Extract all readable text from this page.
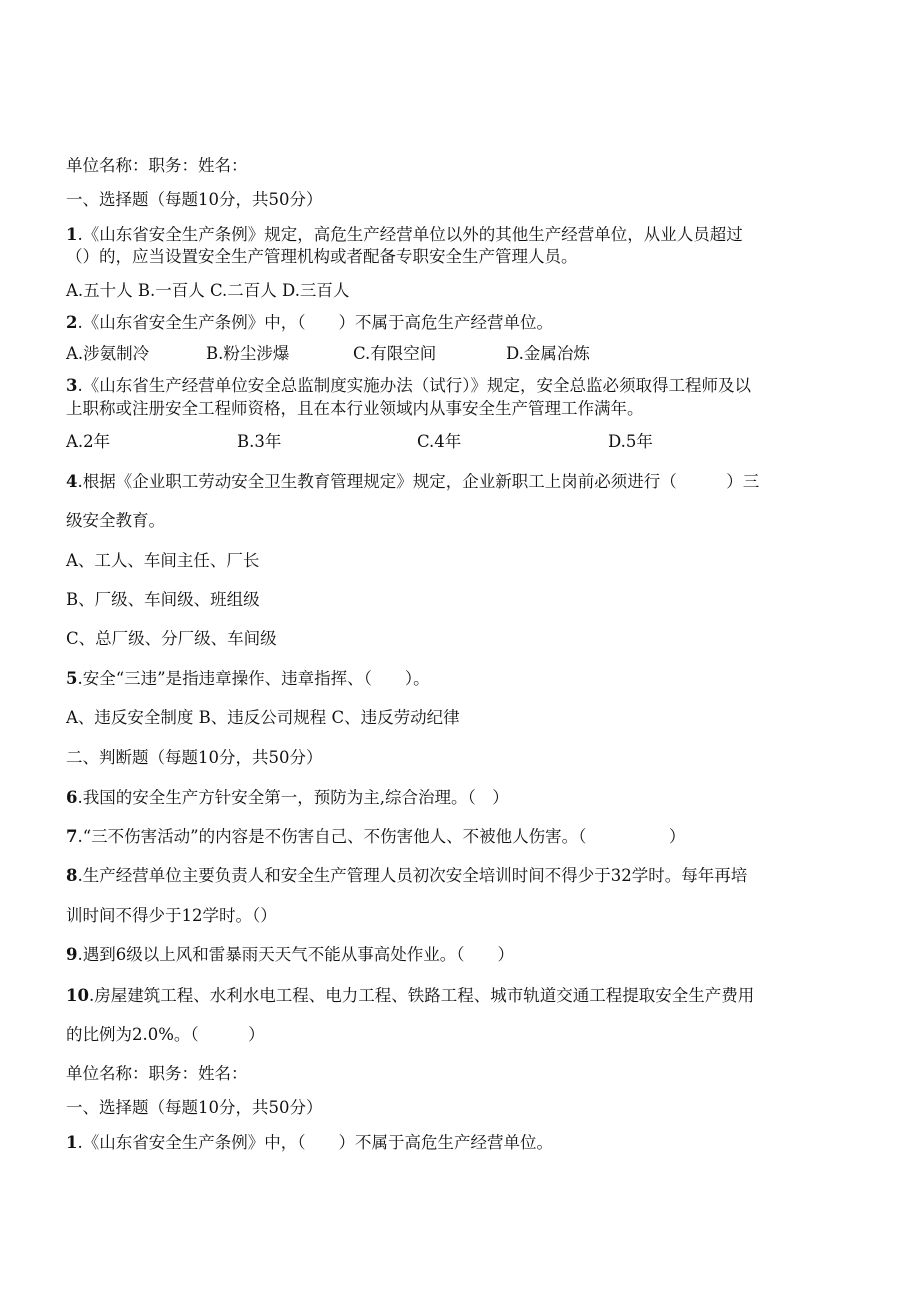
单位名称：职务：姓名：
一、选择题（每题10分，共50分）
1.《山东省安全生产条例》规定，高危生产经营单位以外的其他生产经营单位，从业人员超过
（）的，应当设置安全生产管理机构或者配备专职安全生产管理人员。
A.五十人 B.一百人 C.二百人 D.三百人
2.《山东省安全生产条例》中，（　　）不属于高危生产经营单位。
A.涉氨制冷	B.粉尘涉爆	C.有限空间	D.金属冶炼
3.《山东省生产经营单位安全总监制度实施办法（试行）》规定，安全总监必须取得工程师及以
上职称或注册安全工程师资格，且在本行业领域内从事安全生产管理工作满年。
A.2年	B.3年	C.4年	D.5年
4.根据《企业职工劳动安全卫生教育管理规定》规定，企业新职工上岗前必须进行（　　　）三
级安全教育。
A、工人、车间主任、厂长
B、厂级、车间级、班组级
C、总厂级、分厂级、车间级
5.安全“三违”是指违章操作、违章指挥、（　　）。
A、违反安全制度 B、违反公司规程 C、违反劳动纪律
二、判断题（每题10分，共50分）
6.我国的安全生产方针安全第一，预防为主,综合治理。（　）
7.“三不伤害活动”的内容是不伤害自己、不伤害他人、不被他人伤害。（　　　　　）
8.生产经营单位主要负责人和安全生产管理人员初次安全培训时间不得少于32学时。每年再培
训时间不得少于12学时。（）
9.遇到6级以上风和雷暴雨天天气不能从事高处作业。（　　）
10.房屋建筑工程、水利水电工程、电力工程、铁路工程、城市轨道交通工程提取安全生产费用
的比例为2.0%。（　　　）
单位名称：职务：姓名：
一、选择题（每题10分，共50分）
1.《山东省安全生产条例》中，（　　）不属于高危生产经营单位。
